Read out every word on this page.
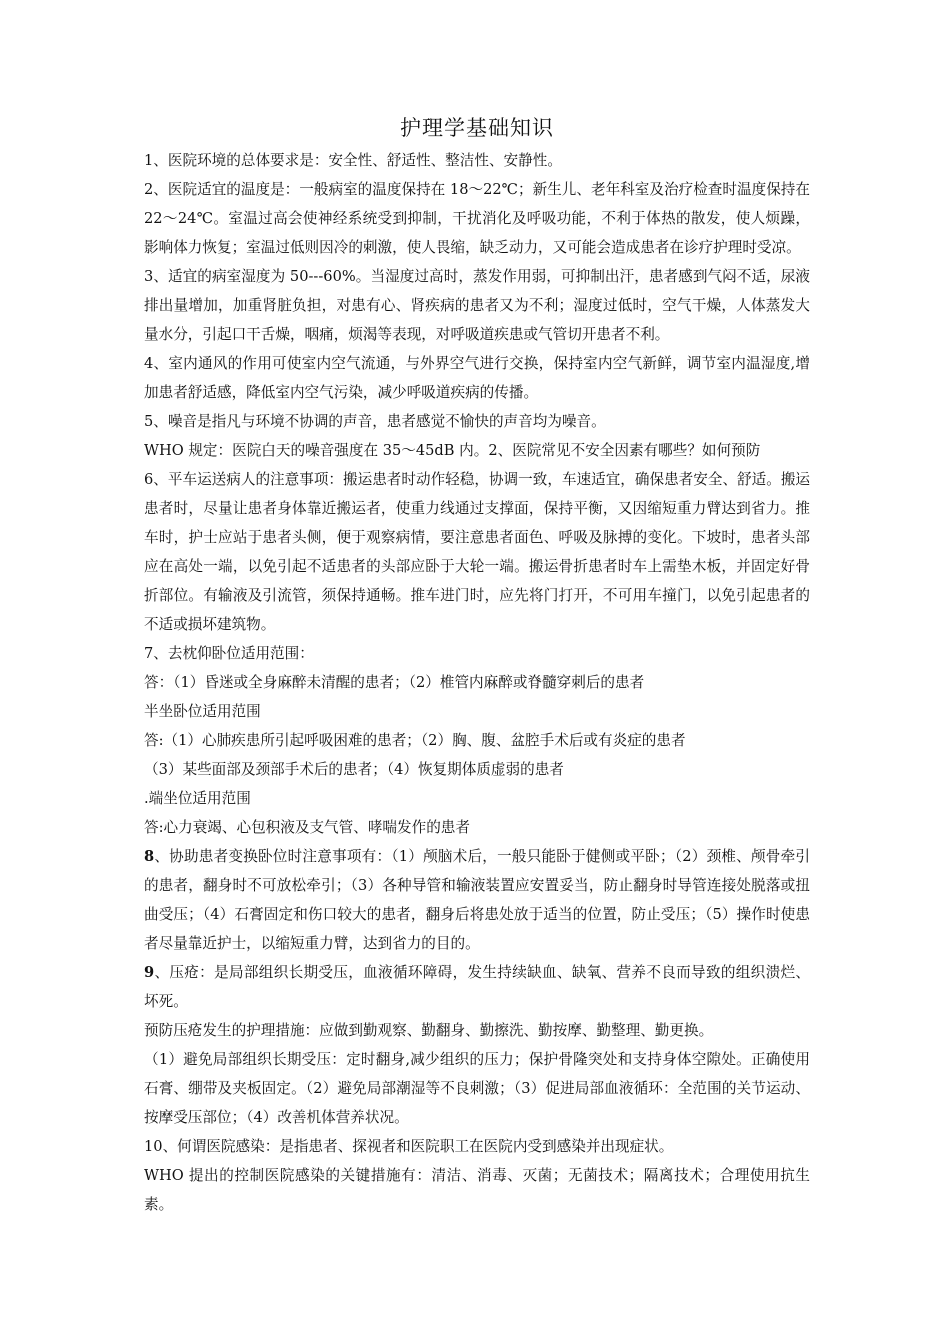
护理学基础知识

1、医院环境的总体要求是：安全性、舒适性、整洁性、安静性。

2、医院适宜的温度是：一般病室的温度保持在 18～22℃；新生儿、老年科室及治疗检查时温度保持在 22～24℃。室温过高会使神经系统受到抑制，干扰消化及呼吸功能，不利于体热的散发，使人烦躁，影响体力恢复；室温过低则因冷的刺激，使人畏缩，缺乏动力，又可能会造成患者在诊疗护理时受凉。

3、适宜的病室湿度为 50---60%。当湿度过高时，蒸发作用弱，可抑制出汗，患者感到气闷不适，尿液排出量增加，加重肾脏负担，对患有心、肾疾病的患者又为不利；湿度过低时，空气干燥，人体蒸发大量水分，引起口干舌燥，咽痛，烦渴等表现，对呼吸道疾患或气管切开患者不利。

4、室内通风的作用可使室内空气流通，与外界空气进行交换，保持室内空气新鲜，调节室内温湿度,增加患者舒适感，降低室内空气污染，减少呼吸道疾病的传播。

5、噪音是指凡与环境不协调的声音，患者感觉不愉快的声音均为噪音。

WHO 规定：医院白天的噪音强度在 35～45dB 内。2、医院常见不安全因素有哪些？如何预防

6、平车运送病人的注意事项：搬运患者时动作轻稳，协调一致，车速适宜，确保患者安全、舒适。搬运患者时，尽量让患者身体靠近搬运者，使重力线通过支撑面，保持平衡，又因缩短重力臂达到省力。推车时，护士应站于患者头侧，便于观察病情，要注意患者面色、呼吸及脉搏的变化。下坡时，患者头部应在高处一端，以免引起不适患者的头部应卧于大轮一端。搬运骨折患者时车上需垫木板，并固定好骨折部位。有输液及引流管，须保持通畅。推车进门时，应先将门打开，不可用车撞门，以免引起患者的不适或损坏建筑物。

7、去枕仰卧位适用范围：

答：（1）昏迷或全身麻醉未清醒的患者；（2）椎管内麻醉或脊髓穿刺后的患者

半坐卧位适用范围

答:（1）心肺疾患所引起呼吸困难的患者；（2）胸、腹、盆腔手术后或有炎症的患者

（3）某些面部及颈部手术后的患者；（4）恢复期体质虚弱的患者

.端坐位适用范围

答:心力衰竭、心包积液及支气管、哮喘发作的患者

8、协助患者变换卧位时注意事项有：（1）颅脑术后，一般只能卧于健侧或平卧；（2）颈椎、颅骨牵引的患者，翻身时不可放松牵引；（3）各种导管和输液装置应安置妥当，防止翻身时导管连接处脱落或扭曲受压；（4）石膏固定和伤口较大的患者，翻身后将患处放于适当的位置，防止受压；（5）操作时使患者尽量靠近护士，以缩短重力臂，达到省力的目的。

9、压疮：是局部组织长期受压，血液循环障碍，发生持续缺血、缺氧、营养不良而导致的组织溃烂、坏死。

预防压疮发生的护理措施：应做到勤观察、勤翻身、勤擦洗、勤按摩、勤整理、勤更换。

（1）避免局部组织长期受压：定时翻身,减少组织的压力；保护骨隆突处和支持身体空隙处。正确使用石膏、绷带及夹板固定。（2）避免局部潮湿等不良刺激；（3）促进局部血液循环：全范围的关节运动、按摩受压部位；（4）改善机体营养状况。

10、何谓医院感染：是指患者、探视者和医院职工在医院内受到感染并出现症状。

WHO 提出的控制医院感染的关键措施有：清洁、消毒、灭菌；无菌技术；隔离技术；合理使用抗生素。
